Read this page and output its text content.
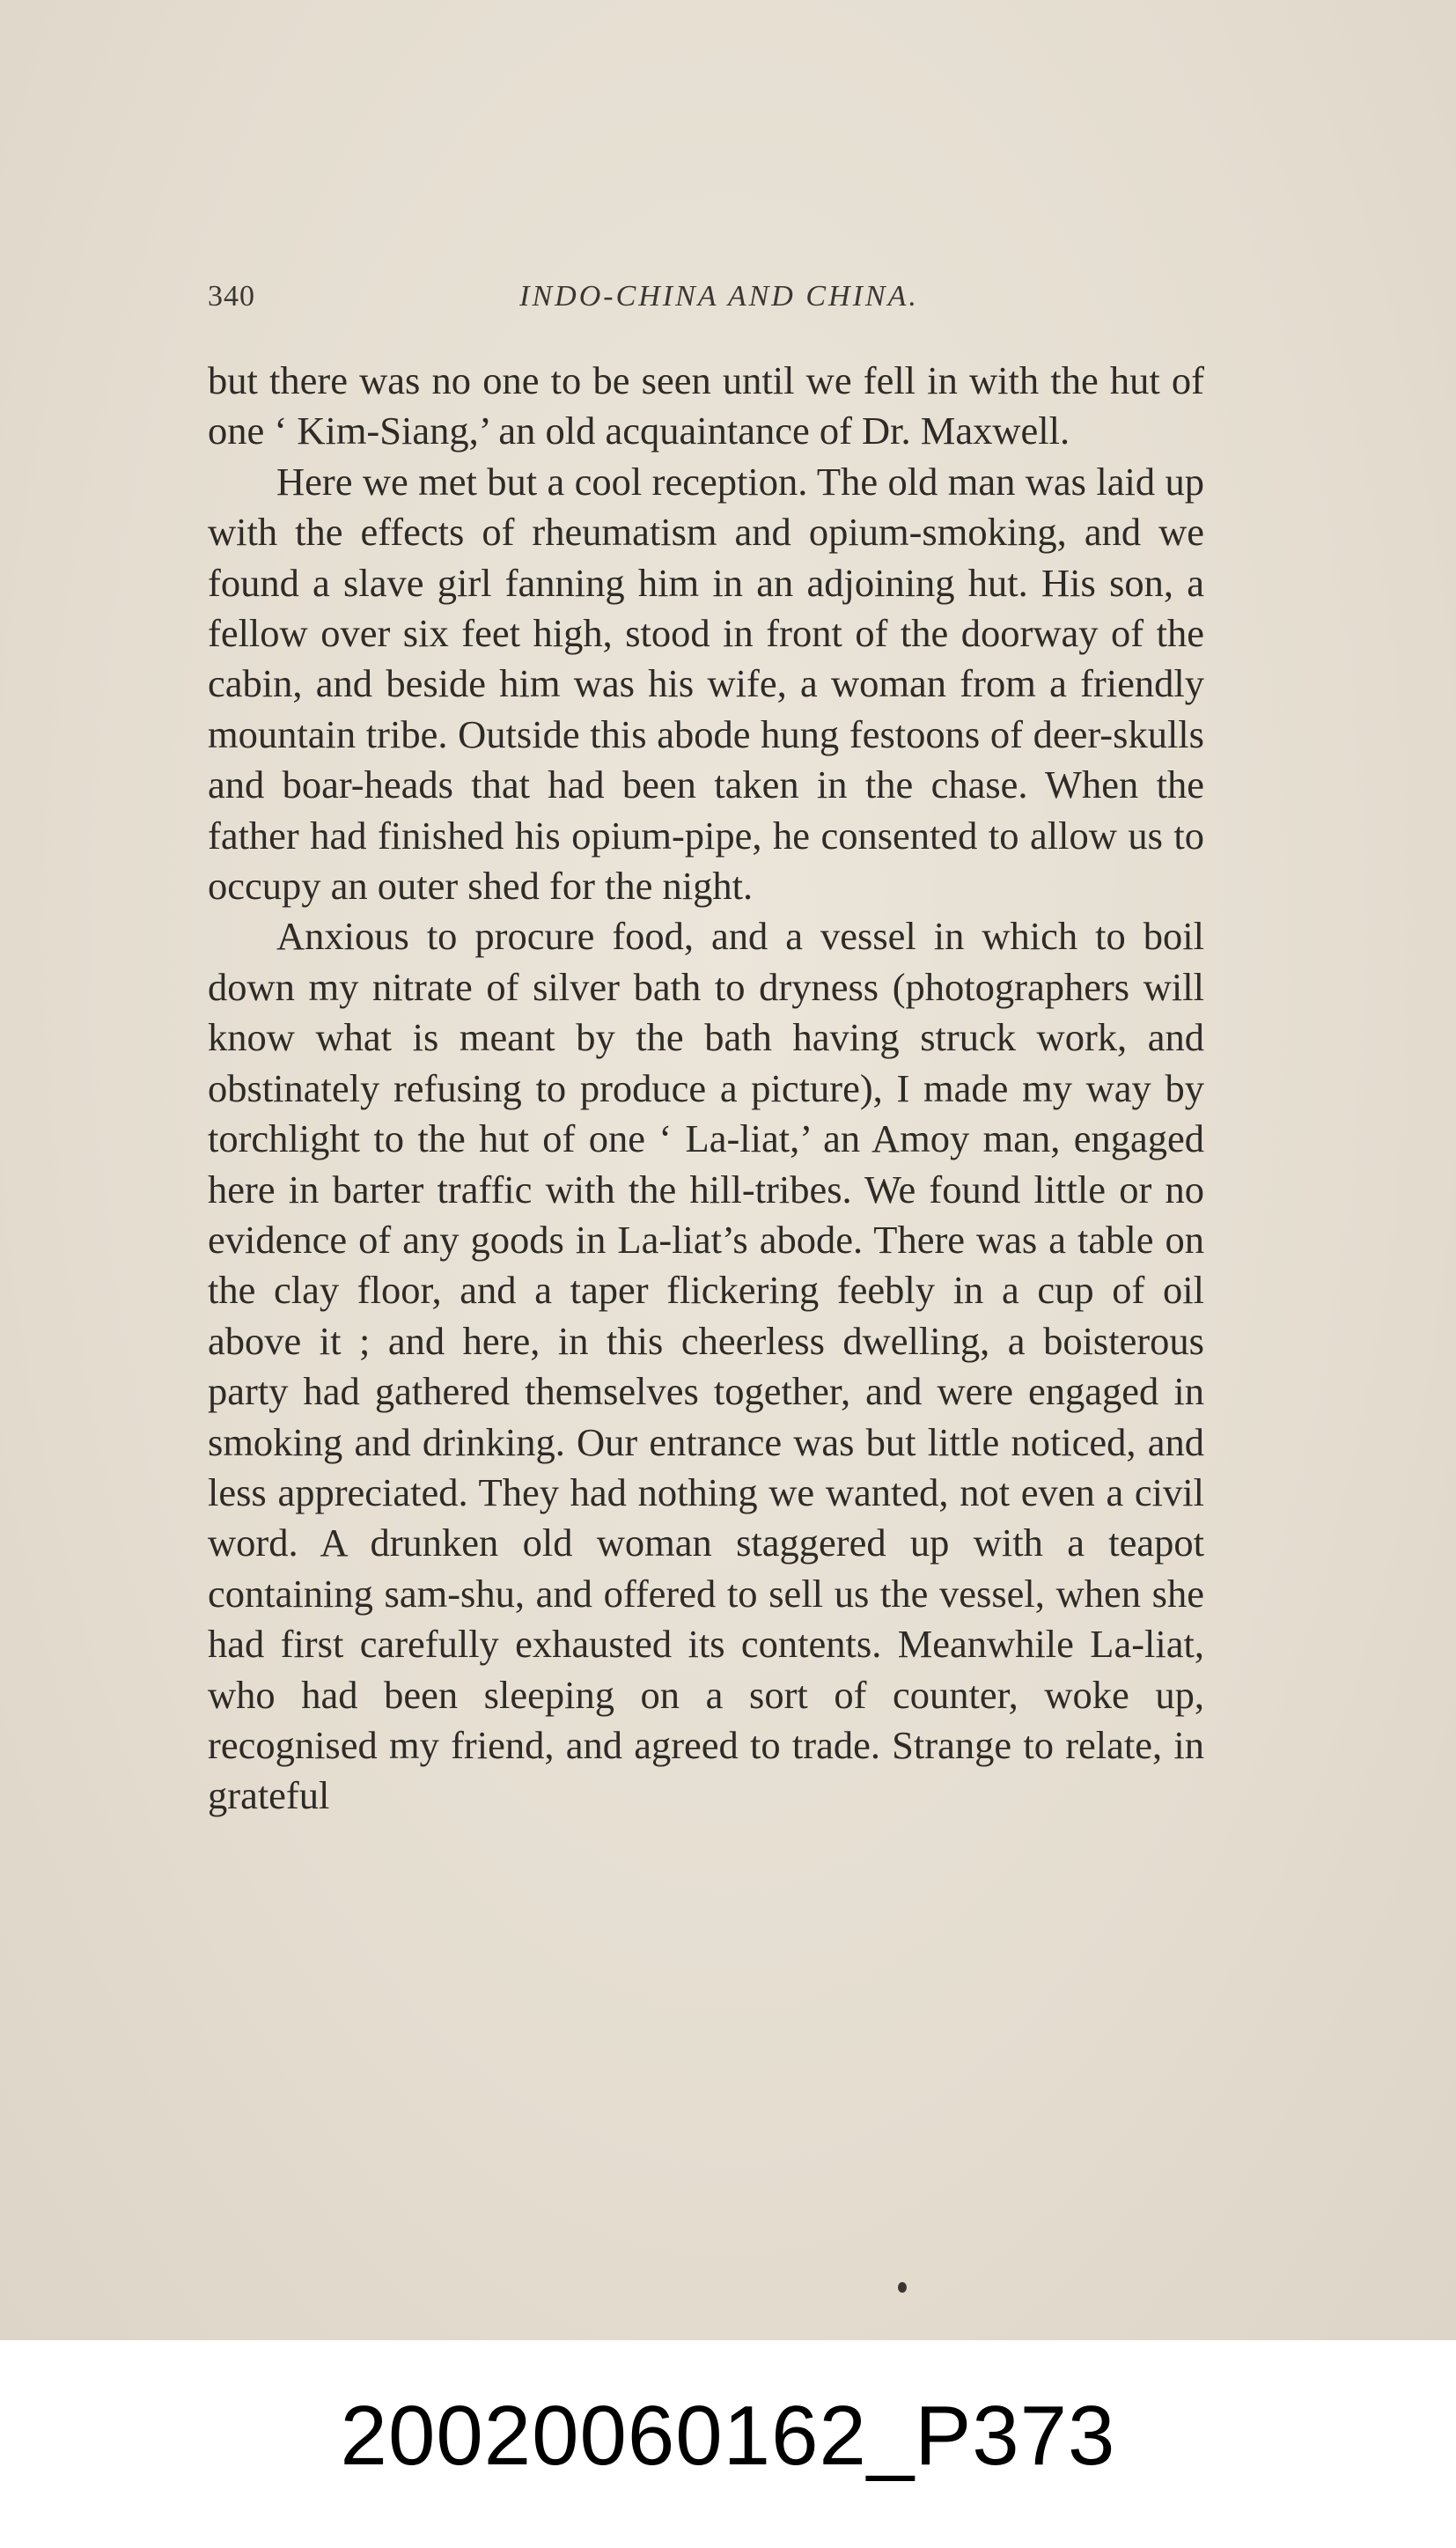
340	INDO-CHINA AND CHINA.

but there was no one to be seen until we fell in with the hut of one ‘ Kim-Siang,’ an old acquaintance of Dr. Maxwell.

Here we met but a cool reception. The old man was laid up with the effects of rheumatism and opium-smoking, and we found a slave girl fanning him in an adjoining hut. His son, a fellow over six feet high, stood in front of the doorway of the cabin, and beside him was his wife, a woman from a friendly mountain tribe. Outside this abode hung festoons of deer-skulls and boar-heads that had been taken in the chase. When the father had finished his opium-pipe, he consented to allow us to occupy an outer shed for the night.

Anxious to procure food, and a vessel in which to boil down my nitrate of silver bath to dryness (photographers will know what is meant by the bath having struck work, and obstinately refusing to produce a picture), I made my way by torchlight to the hut of one ‘ La-liat,’ an Amoy man, engaged here in barter traffic with the hill-tribes. We found little or no evidence of any goods in La-liat’s abode. There was a table on the clay floor, and a taper flickering feebly in a cup of oil above it ; and here, in this cheerless dwelling, a boisterous party had gathered themselves together, and were engaged in smoking and drinking. Our entrance was but little noticed, and less appreciated. They had nothing we wanted, not even a civil word. A drunken old woman staggered up with a teapot containing sam-shu, and offered to sell us the vessel, when she had first carefully exhausted its contents. Meanwhile La-liat, who had been sleeping on a sort of counter, woke up, recognised my friend, and agreed to trade. Strange to relate, in grateful

20020060162_P373
